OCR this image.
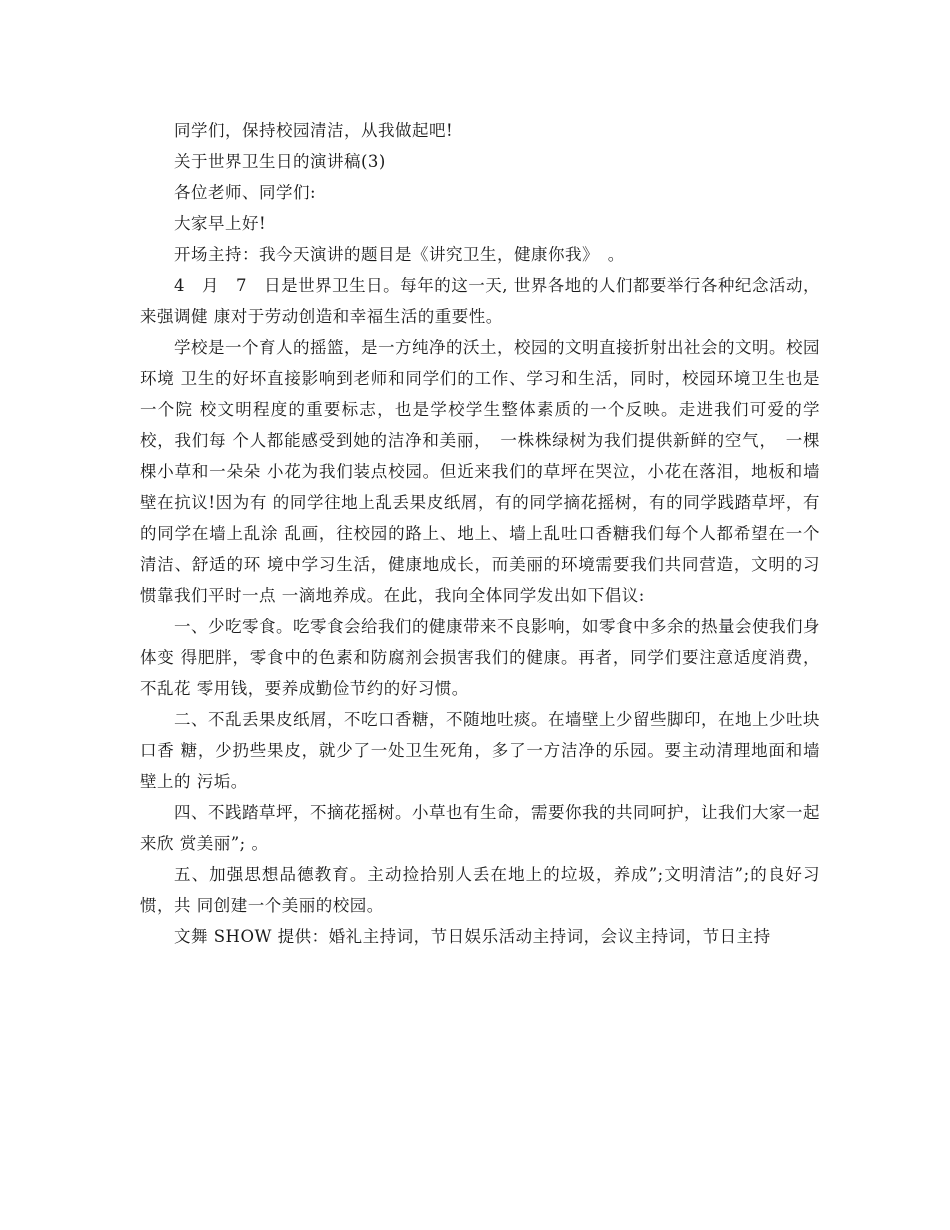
同学们，保持校园清洁，从我做起吧!

关于世界卫生日的演讲稿(3)

各位老师、同学们:

大家早上好!

开场主持：我今天演讲的题目是《讲究卫生，健康你我》　。

4　月　7　日是世界卫生日。每年的这一天, 世界各地的人们都要举行各种纪念活动，来强调健 康对于劳动创造和幸福生活的重要性。

学校是一个育人的摇篮，是一方纯净的沃土，校园的文明直接折射出社会的文明。校园环境 卫生的好坏直接影响到老师和同学们的工作、学习和生活，同时，校园环境卫生也是一个院 校文明程度的重要标志，也是学校学生整体素质的一个反映。走进我们可爱的学校，我们每 个人都能感受到她的洁净和美丽，　一株株绿树为我们提供新鲜的空气，　一棵棵小草和一朵朵 小花为我们装点校园。但近来我们的草坪在哭泣，小花在落泪，地板和墙壁在抗议!因为有 的同学往地上乱丢果皮纸屑，有的同学摘花摇树，有的同学践踏草坪，有的同学在墙上乱涂 乱画，往校园的路上、地上、墙上乱吐口香糖我们每个人都希望在一个清洁、舒适的环 境中学习生活，健康地成长，而美丽的环境需要我们共同营造，文明的习惯靠我们平时一点 一滴地养成。在此，我向全体同学发出如下倡议:

一、少吃零食。吃零食会给我们的健康带来不良影响，如零食中多余的热量会使我们身体变 得肥胖，零食中的色素和防腐剂会损害我们的健康。再者，同学们要注意适度消费，不乱花 零用钱，要养成勤俭节约的好习惯。

二、不乱丢果皮纸屑，不吃口香糖，不随地吐痰。在墙壁上少留些脚印，在地上少吐块口香 糖，少扔些果皮，就少了一处卫生死角，多了一方洁净的乐园。要主动清理地面和墙壁上的 污垢。

四、不践踏草坪，不摘花摇树。小草也有生命，需要你我的共同呵护，让我们大家一起来欣 赏美丽”; 。

五、加强思想品德教育。主动捡拾别人丢在地上的垃圾，养成”;文明清洁”;的良好习惯，共 同创建一个美丽的校园。

文舞 SHOW 提供：婚礼主持词，节日娱乐活动主持词，会议主持词，节日主持
